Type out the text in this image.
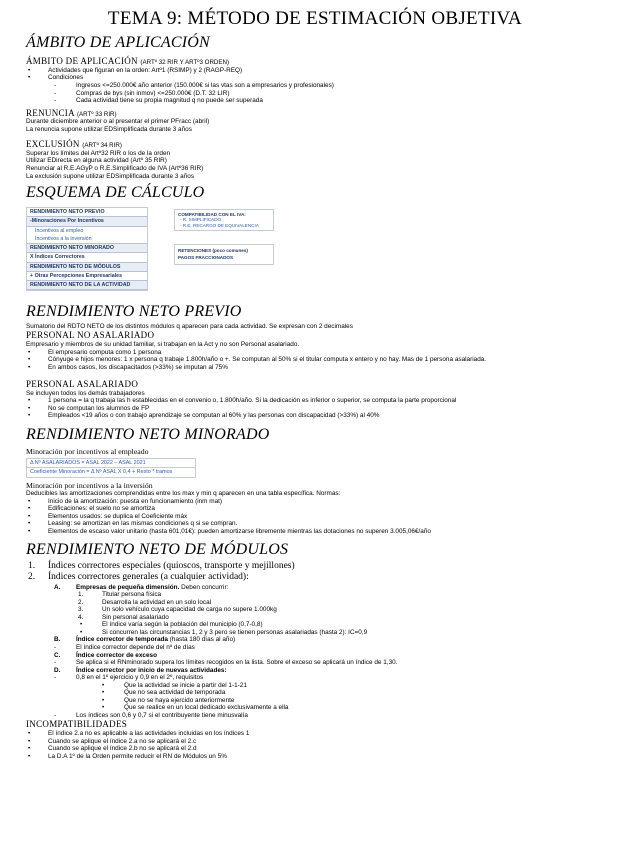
TEMA 9: MÉTODO DE ESTIMACIÓN OBJETIVA
ÁMBITO DE APLICACIÓN
ÁMBITO DE APLICACIÓN (ARTº 32 RIR Y ARTº3 ORDEN)
• Actividades que figuran en la orden: Artº1 (RSIMP) y 2 (RAGP-REQ)
• Condiciones
- Ingresos <=250.000€ año anterior (150.000€ si las vtas son a empresarios y profesionales)
- Compras de bys (sin inmov) <=250.000€ (D.T. 32 LIR)
- Cada actividad tiene su propia magnitud q no puede ser superada
RENUNCIA (ARTº 33 RIR)

Durante diciembre anterior o al presentar el primer PFracc (abril)

La renuncia supone utilizar EDSimplificada durante 3 años

EXCLUSIÓN (ARTº 34 RIR)

Superar los límites del Artº32 RIR o los de la orden

Utilizar EDirecta en alguna actividad (Artº 35 RIR)

Renunciar al R.E.AGyP o R.E.Simplificado de IVA (Artº36 RIR)

La exclusión supone utilizar EDSimplificada durante 3 años

ESQUEMA DE CÁLCULO
RENDIMIENTO NETO PREVIO
-Minoraciones Por Incentivos
Incentivos al empleo
Incentivos a la inversión
RENDIMIENTO NETO MINORADO
X Índices Correctores
RENDIMIENTO NETO DE MÓDULOS
+ Otras Percepciones Empresariales
RENDIMIENTO NETO DE LA ACTIVIDAD
COMPATIBILIDAD CON EL IVA:
- R. SIMPLIFICADO
- R.E. RECARGO DE EQUIVALENCIA
RETENCIONES (poco comunes)
PAGOS FRACCIONADOS
RENDIMIENTO NETO PREVIO

Sumatorio del RDTO NETO de los distintos módulos q aparecen para cada actividad. Se expresan con 2 decimales

PERSONAL NO ASALARIADO

Empresario y miembros de su unidad familiar, si trabajan en la Act y no son Personal asalariado.

• El empresario computa como 1 persona
• Cónyuge e hijos menores: 1 x persona q trabaje 1.800h/año o +. Se computan al 50% si el titular computa x entero y no hay. Mas de 1 persona asalariada.
• En ambos casos, los discapacitados (>33%) se imputan al 75%
PERSONAL ASALARIADO

Se incluyen todos los demás trabajadores

• 1 persona = la q trabaja las h establecidas en el convenio o, 1.800h/año. Si la dedicación es inferior o superior, se computa la parte proporcional
• No se computan los alumnos de FP
• Empleados <19 años o con trabajo aprendizaje se computan al 60% y las personas con discapacidad (>33%) al 40%
RENDIMIENTO NETO MINORADO
Minoración por incentivos al empleado
Δ Nº ASALARIADOS = ASAL 2022 – ASAL 2021
Coeficiente Minoración = Δ Nº ASAL X 0,4 + Resto * tramos
Minoración por incentivos a la inversión

Deducibles las amortizaciones comprendidas entre los max y min q aparecen en una tabla específica. Normas:

• Inicio de la amortización: puesta en funcionamiento (inm mat)
• Edificaciones: el suelo no se amortiza
• Elementos usados: se duplica el Coeficiente máx
• Leasing: se amortizan en las mismas condiciones q si se compran.
• Elementos de escaso valor unitario (hasta 601,01€): pueden amortizarse libremente mientras las dotaciones no superen 3.005,06€/año
RENDIMIENTO NETO DE MÓDULOS
1. Índices correctores especiales (quioscos, transporte y mejillones)
2. Índices correctores generales (a cualquier actividad):
A. Empresas de pequeña dimensión. Deben concurrir:
1.	Titular persona física
2.	Desarrolla la actividad en un solo local
3.	Un solo vehículo cuya capacidad de carga no supere 1.000kg
4.	Sin personal asalariado
• El índice varía según la población del municipio (0,7-0,8)
• Si concurren las circunstancias 1, 2 y 3 pero se tienen personas asalariadas (hasta 2): IC=0,9
B. Índice corrector de temporada (hasta 180 días al año)
- El índice corrector depende del nº de días
C. Índice corrector de exceso
- Se aplica si el RNminorado supera los límites recogidos en la lista. Sobre el exceso se aplicará un índice de 1,30.
D. Índice corrector por inicio de nuevas actividades:
- 0,8 en el 1º ejercicio y 0,9 en el 2º, requisitos
• Que la actividad se inicie a partir del 1-1-21
• Que no sea actividad de temporada
• Que no se haya ejercido anteriormente
• Que se realice en un local dedicado exclusivamente a ella
- Los índices son 0,6 y 0,7 si el contribuyente tiene minusvalía
INCOMPATIBILIDADES
• El índice 2.a no es aplicable a las actividades incluidas en los índices 1
• Cuando se aplique el índice 2.a no se aplicará el 2.c
• Cuando se aplique el índice 2.b no se aplicará el 2.d
• La D.A 1º de la Orden permite reducir el RN de Módulos un 5%
